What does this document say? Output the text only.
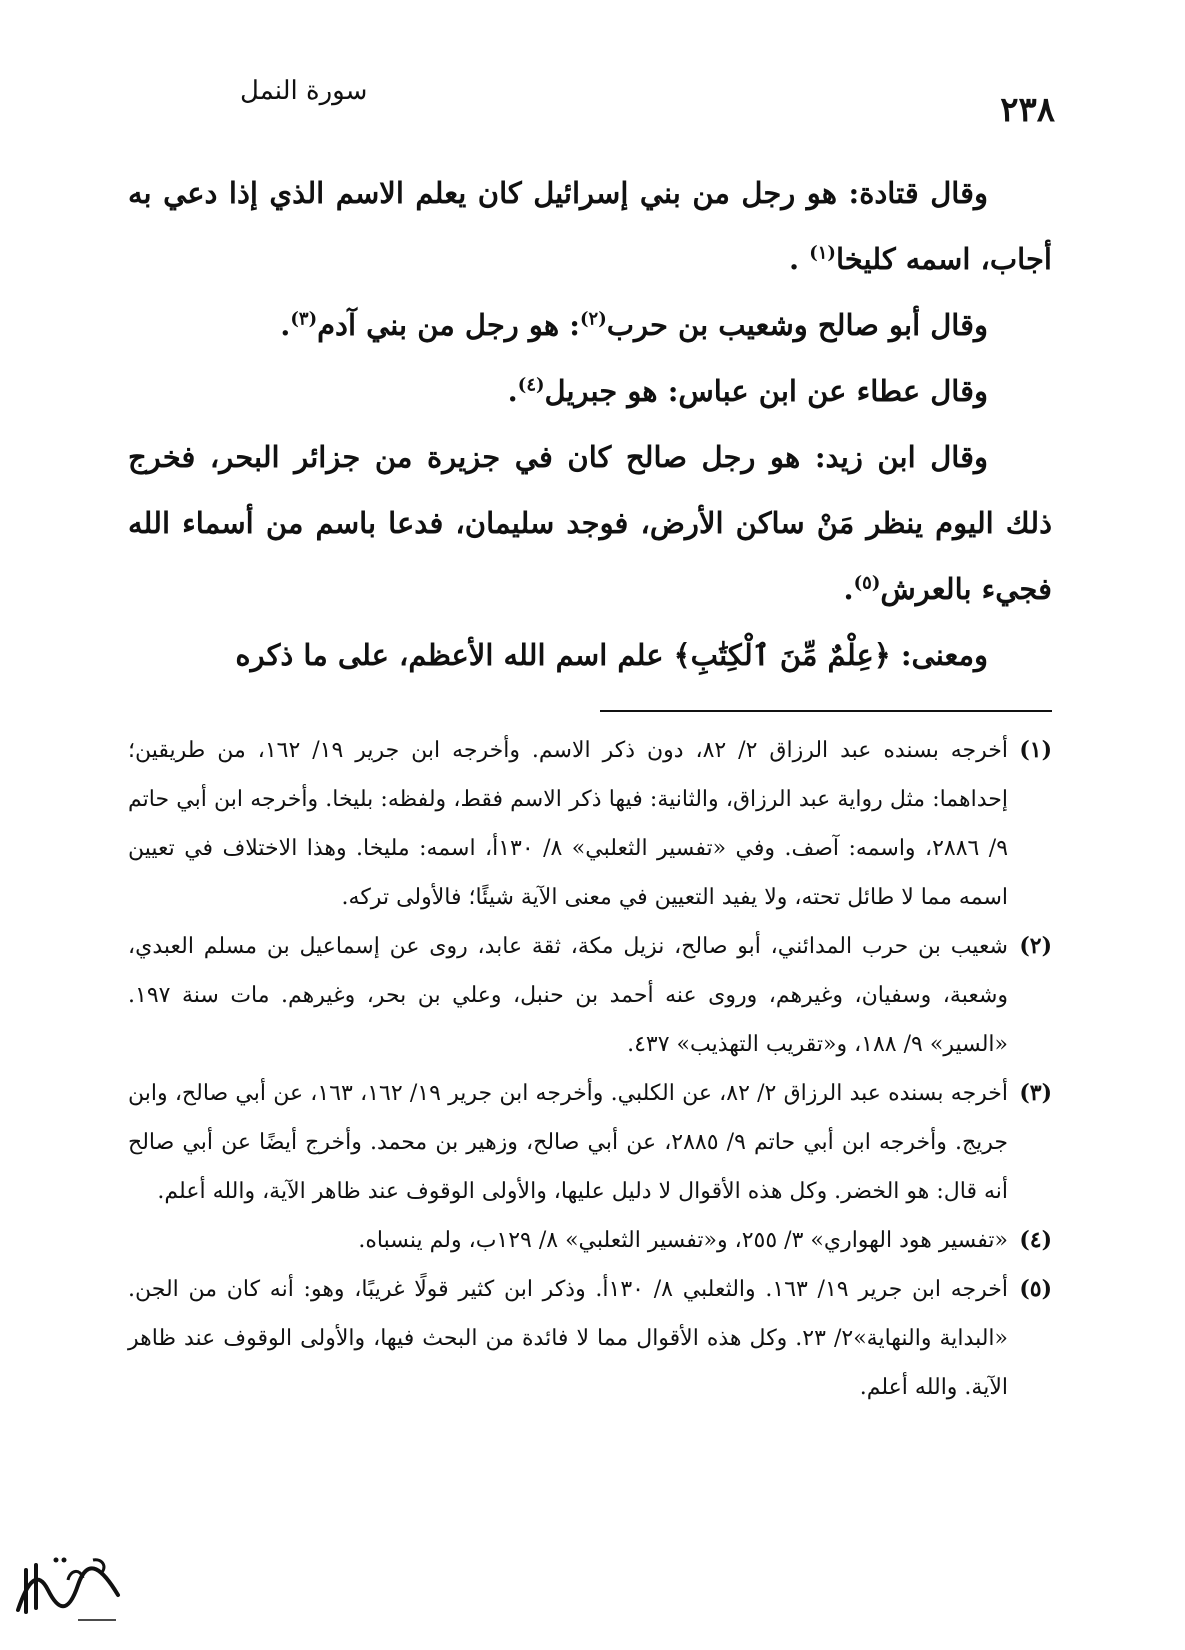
٢٣٨
سورة النمل

وقال قتادة: هو رجل من بني إسرائيل كان يعلم الاسم الذي إذا دعي به أجاب، اسمه كليخا$^{(١)}$ .

وقال أبو صالح وشعيب بن حرب$^{(٢)}$: هو رجل من بني آدم$^{(٣)}$.

وقال عطاء عن ابن عباس: هو جبريل$^{(٤)}$.

وقال ابن زيد: هو رجل صالح كان في جزيرة من جزائر البحر، فخرج ذلك اليوم ينظر مَنْ ساكن الأرض، فوجد سليمان، فدعا باسم من أسماء الله فجيء بالعرش$^{(٥)}$.

ومعنى: ﴿عِلْمٌ مِّنَ ٱلْكِتَٰبِ﴾ علم اسم الله الأعظم، على ما ذكره

(١)
أخرجه بسنده عبد الرزاق ٢/ ٨٢، دون ذكر الاسم. وأخرجه ابن جرير ١٩/ ١٦٢، من طريقين؛ إحداهما: مثل رواية عبد الرزاق، والثانية: فيها ذكر الاسم فقط، ولفظه: بليخا. وأخرجه ابن أبي حاتم ٩/ ٢٨٨٦، واسمه: آصف. وفي «تفسير الثعلبي» ٨/ ١٣٠أ، اسمه: مليخا. وهذا الاختلاف في تعيين اسمه مما لا طائل تحته، ولا يفيد التعيين في معنى الآية شيئًا؛ فالأولى تركه.

(٢)
شعيب بن حرب المدائني، أبو صالح، نزيل مكة، ثقة عابد، روى عن إسماعيل بن مسلم العبدي، وشعبة، وسفيان، وغيرهم، وروى عنه أحمد بن حنبل، وعلي بن بحر، وغيرهم. مات سنة ١٩٧. «السير» ٩/ ١٨٨، و«تقريب التهذيب» ٤٣٧.

(٣)
أخرجه بسنده عبد الرزاق ٢/ ٨٢، عن الكلبي. وأخرجه ابن جرير ١٩/ ١٦٢، ١٦٣، عن أبي صالح، وابن جريج. وأخرجه ابن أبي حاتم ٩/ ٢٨٨٥، عن أبي صالح، وزهير بن محمد. وأخرج أيضًا عن أبي صالح أنه قال: هو الخضر. وكل هذه الأقوال لا دليل عليها، والأولى الوقوف عند ظاهر الآية، والله أعلم.

(٤)
«تفسير هود الهواري» ٣/ ٢٥٥، و«تفسير الثعلبي» ٨/ ١٢٩ب، ولم ينسباه.

(٥)
أخرجه ابن جرير ١٩/ ١٦٣. والثعلبي ٨/ ١٣٠أ. وذكر ابن كثير قولًا غريبًا، وهو: أنه كان من الجن. «البداية والنهاية»٢/ ٢٣. وكل هذه الأقوال مما لا فائدة من البحث فيها، والأولى الوقوف عند ظاهر الآية. والله أعلم.
